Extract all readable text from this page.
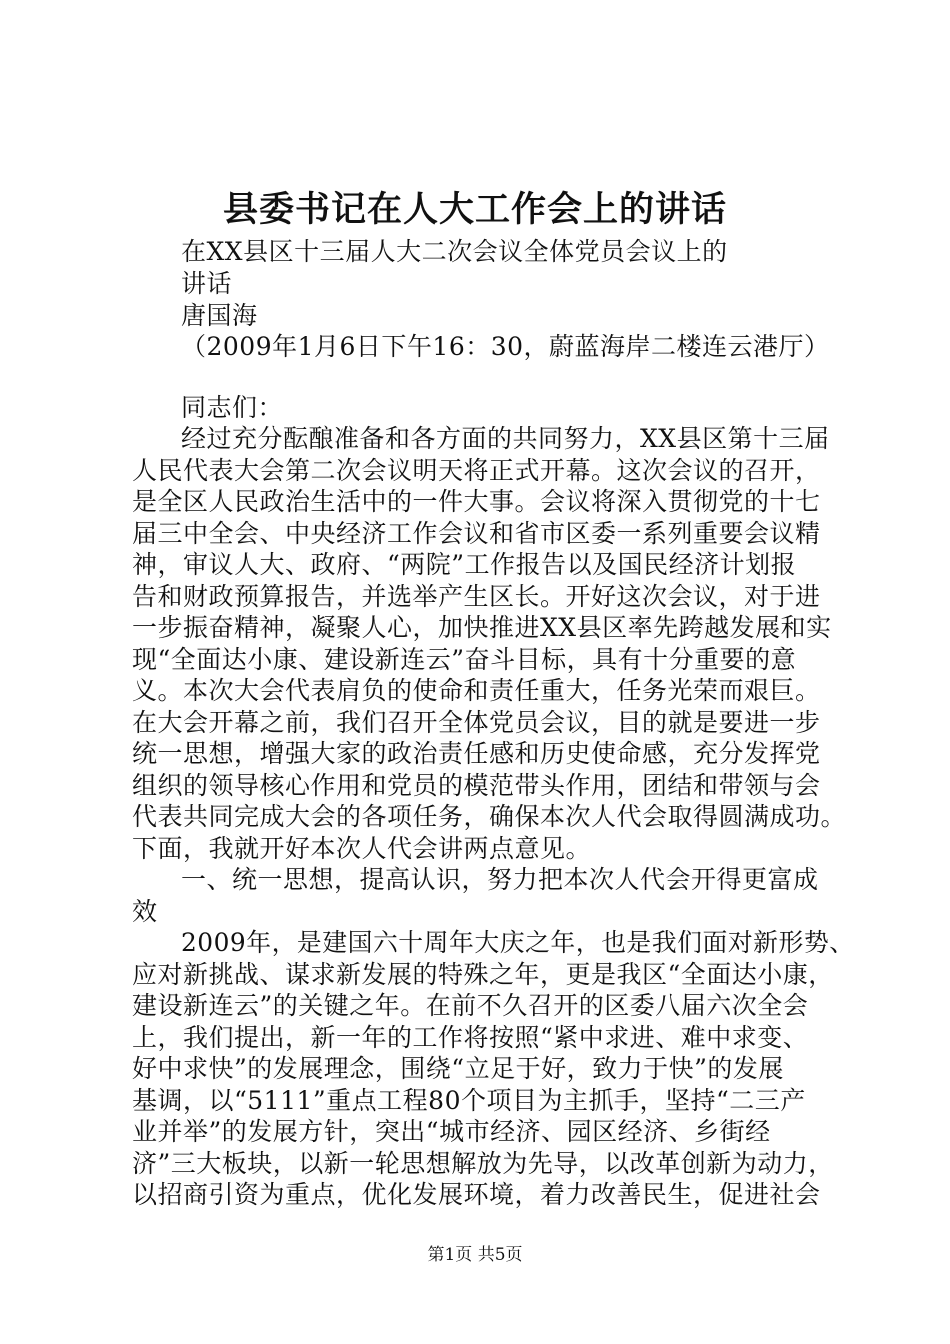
县委书记在人大工作会上的讲话
在XX县区十三届人大二次会议全体党员会议上的
讲话
唐国海
（2009年1月6日下午16：30，蔚蓝海岸二楼连云港厅）
同志们：
经过充分酝酿准备和各方面的共同努力，XX县区第十三届
人民代表大会第二次会议明天将正式开幕。这次会议的召开，
是全区人民政治生活中的一件大事。会议将深入贯彻党的十七
届三中全会、中央经济工作会议和省市区委一系列重要会议精
神，审议人大、政府、“两院”工作报告以及国民经济计划报
告和财政预算报告，并选举产生区长。开好这次会议，对于进
一步振奋精神，凝聚人心，加快推进XX县区率先跨越发展和实
现“全面达小康、建设新连云”奋斗目标，具有十分重要的意
义。本次大会代表肩负的使命和责任重大，任务光荣而艰巨。
在大会开幕之前，我们召开全体党员会议，目的就是要进一步
统一思想，增强大家的政治责任感和历史使命感，充分发挥党
组织的领导核心作用和党员的模范带头作用，团结和带领与会
代表共同完成大会的各项任务，确保本次人代会取得圆满成功。
下面，我就开好本次人代会讲两点意见。
一、统一思想，提高认识，努力把本次人代会开得更富成
效
2009年，是建国六十周年大庆之年，也是我们面对新形势、
应对新挑战、谋求新发展的特殊之年，更是我区“全面达小康，
建设新连云”的关键之年。在前不久召开的区委八届六次全会
上，我们提出，新一年的工作将按照“紧中求进、难中求变、
好中求快”的发展理念，围绕“立足于好，致力于快”的发展
基调，以“5111”重点工程80个项目为主抓手，坚持“二三产
业并举”的发展方针，突出“城市经济、园区经济、乡街经
济”三大板块，以新一轮思想解放为先导，以改革创新为动力，
以招商引资为重点，优化发展环境，着力改善民生，促进社会
第1页 共5页
